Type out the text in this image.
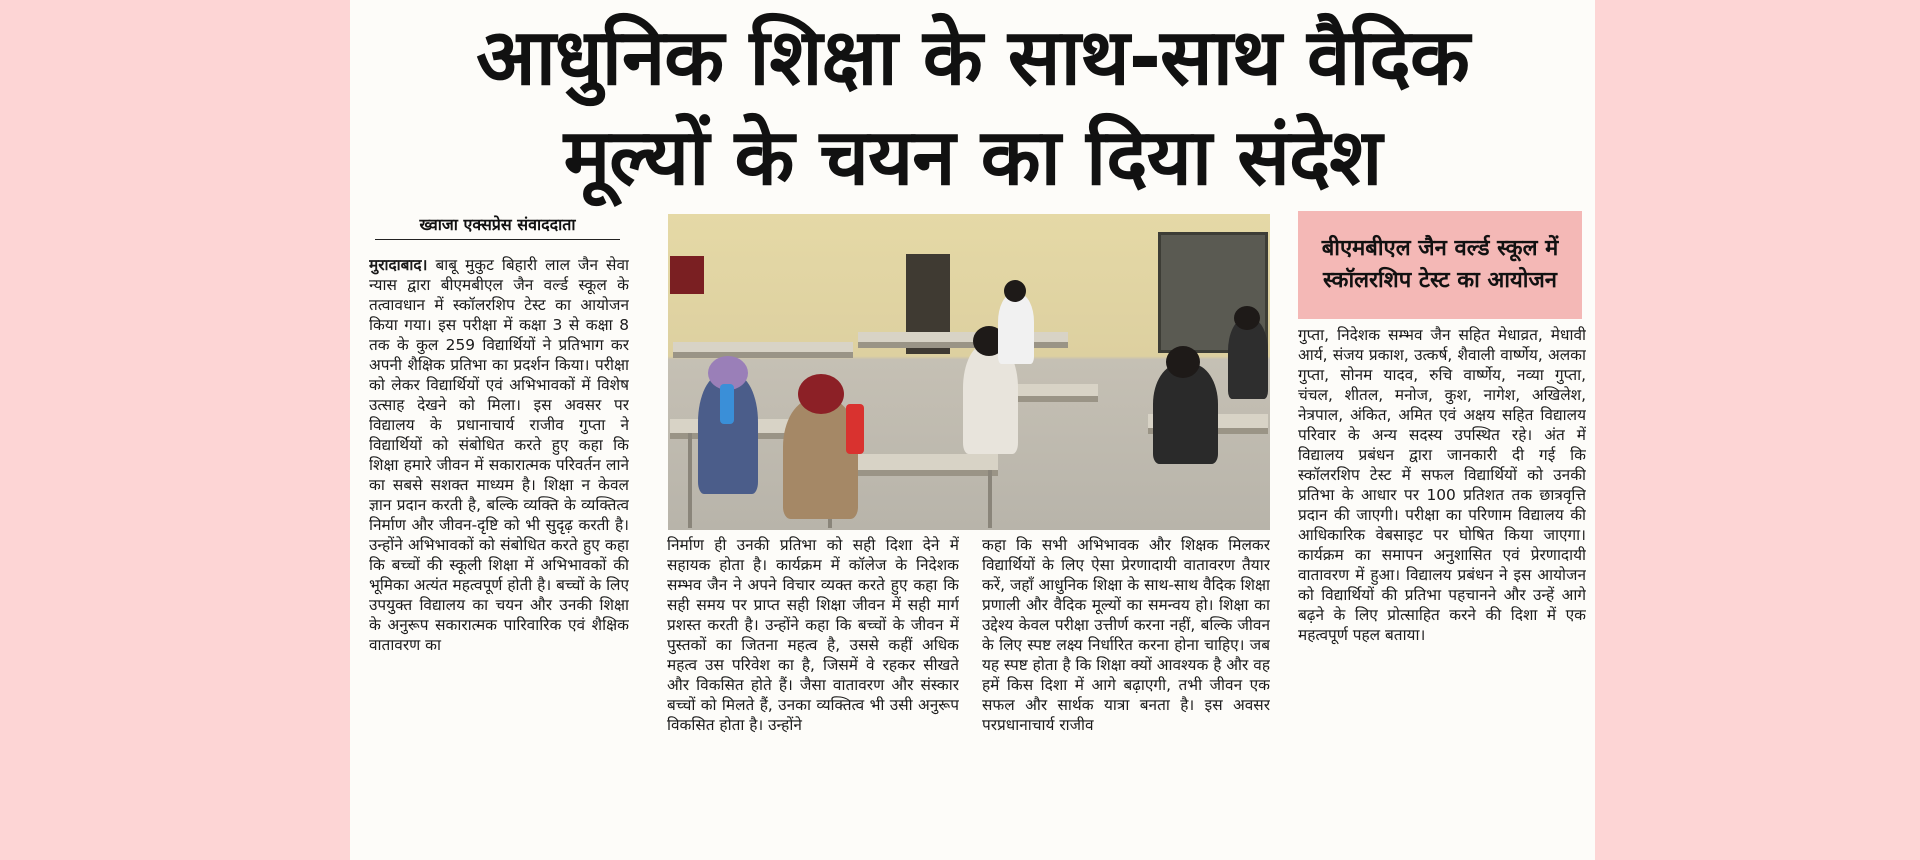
आधुनिक शिक्षा के साथ-साथ वैदिक
मूल्यों के चयन का दिया संदेश
ख्वाजा एक्सप्रेस संवाददाता
मुरादाबाद। बाबू मुकुट बिहारी लाल जैन सेवा न्यास द्वारा बीएमबीएल जैन वर्ल्ड स्कूल के तत्वावधान में स्कॉलरशिप टेस्ट का आयोजन किया गया। इस परीक्षा में कक्षा 3 से कक्षा 8 तक के कुल 259 विद्यार्थियों ने प्रतिभाग कर अपनी शैक्षिक प्रतिभा का प्रदर्शन किया। परीक्षा को लेकर विद्यार्थियों एवं अभिभावकों में विशेष उत्साह देखने को मिला। इस अवसर पर विद्यालय के प्रधानाचार्य राजीव गुप्ता ने विद्यार्थियों को संबोधित करते हुए कहा कि शिक्षा हमारे जीवन में सकारात्मक परिवर्तन लाने का सबसे सशक्त माध्यम है। शिक्षा न केवल ज्ञान प्रदान करती है, बल्कि व्यक्ति के व्यक्तित्व निर्माण और जीवन-दृष्टि को भी सुदृढ़ करती है। उन्होंने अभिभावकों को संबोधित करते हुए कहा कि बच्चों की स्कूली शिक्षा में अभिभावकों की भूमिका अत्यंत महत्वपूर्ण होती है। बच्चों के लिए उपयुक्त विद्यालय का चयन और उनकी शिक्षा के अनुरूप सकारात्मक पारिवारिक एवं शैक्षिक वातावरण का
निर्माण ही उनकी प्रतिभा को सही दिशा देने में सहायक होता है। कार्यक्रम में कॉलेज के निदेशक सम्भव जैन ने अपने विचार व्यक्त करते हुए कहा कि सही समय पर प्राप्त सही शिक्षा जीवन में सही मार्ग प्रशस्त करती है। उन्होंने कहा कि बच्चों के जीवन में पुस्तकों का जितना महत्व है, उससे कहीं अधिक महत्व उस परिवेश का है, जिसमें वे रहकर सीखते और विकसित होते हैं। जैसा वातावरण और संस्कार बच्चों को मिलते हैं, उनका व्यक्तित्व भी उसी अनुरूप विकसित होता है। उन्होंने
कहा कि सभी अभिभावक और शिक्षक मिलकर विद्यार्थियों के लिए ऐसा प्रेरणादायी वातावरण तैयार करें, जहाँ आधुनिक शिक्षा के साथ-साथ वैदिक शिक्षा प्रणाली और वैदिक मूल्यों का समन्वय हो। शिक्षा का उद्देश्य केवल परीक्षा उत्तीर्ण करना नहीं, बल्कि जीवन के लिए स्पष्ट लक्ष्य निर्धारित करना होना चाहिए। जब यह स्पष्ट होता है कि शिक्षा क्यों आवश्यक है और वह हमें किस दिशा में आगे बढ़ाएगी, तभी जीवन एक सफल और सार्थक यात्रा बनता है। इस अवसर परप्रधानाचार्य राजीव
बीएमबीएल जैन वर्ल्ड स्कूल में स्कॉलरशिप टेस्ट का आयोजन
गुप्ता, निदेशक सम्भव जैन सहित मेधाव्रत, मेधावी आर्य, संजय प्रकाश, उत्कर्ष, शैवाली वार्ष्णेय, अलका गुप्ता, सोनम यादव, रुचि वार्ष्णेय, नव्या गुप्ता, चंचल, शीतल, मनोज, कुश, नागेश, अखिलेश, नेत्रपाल, अंकित, अमित एवं अक्षय सहित विद्यालय परिवार के अन्य सदस्य उपस्थित रहे। अंत में विद्यालय प्रबंधन द्वारा जानकारी दी गई कि स्कॉलरशिप टेस्ट में सफल विद्यार्थियों को उनकी प्रतिभा के आधार पर 100 प्रतिशत तक छात्रवृत्ति प्रदान की जाएगी। परीक्षा का परिणाम विद्यालय की आधिकारिक वेबसाइट पर घोषित किया जाएगा। कार्यक्रम का समापन अनुशासित एवं प्रेरणादायी वातावरण में हुआ। विद्यालय प्रबंधन ने इस आयोजन को विद्यार्थियों की प्रतिभा पहचानने और उन्हें आगे बढ़ने के लिए प्रोत्साहित करने की दिशा में एक महत्वपूर्ण पहल बताया।
